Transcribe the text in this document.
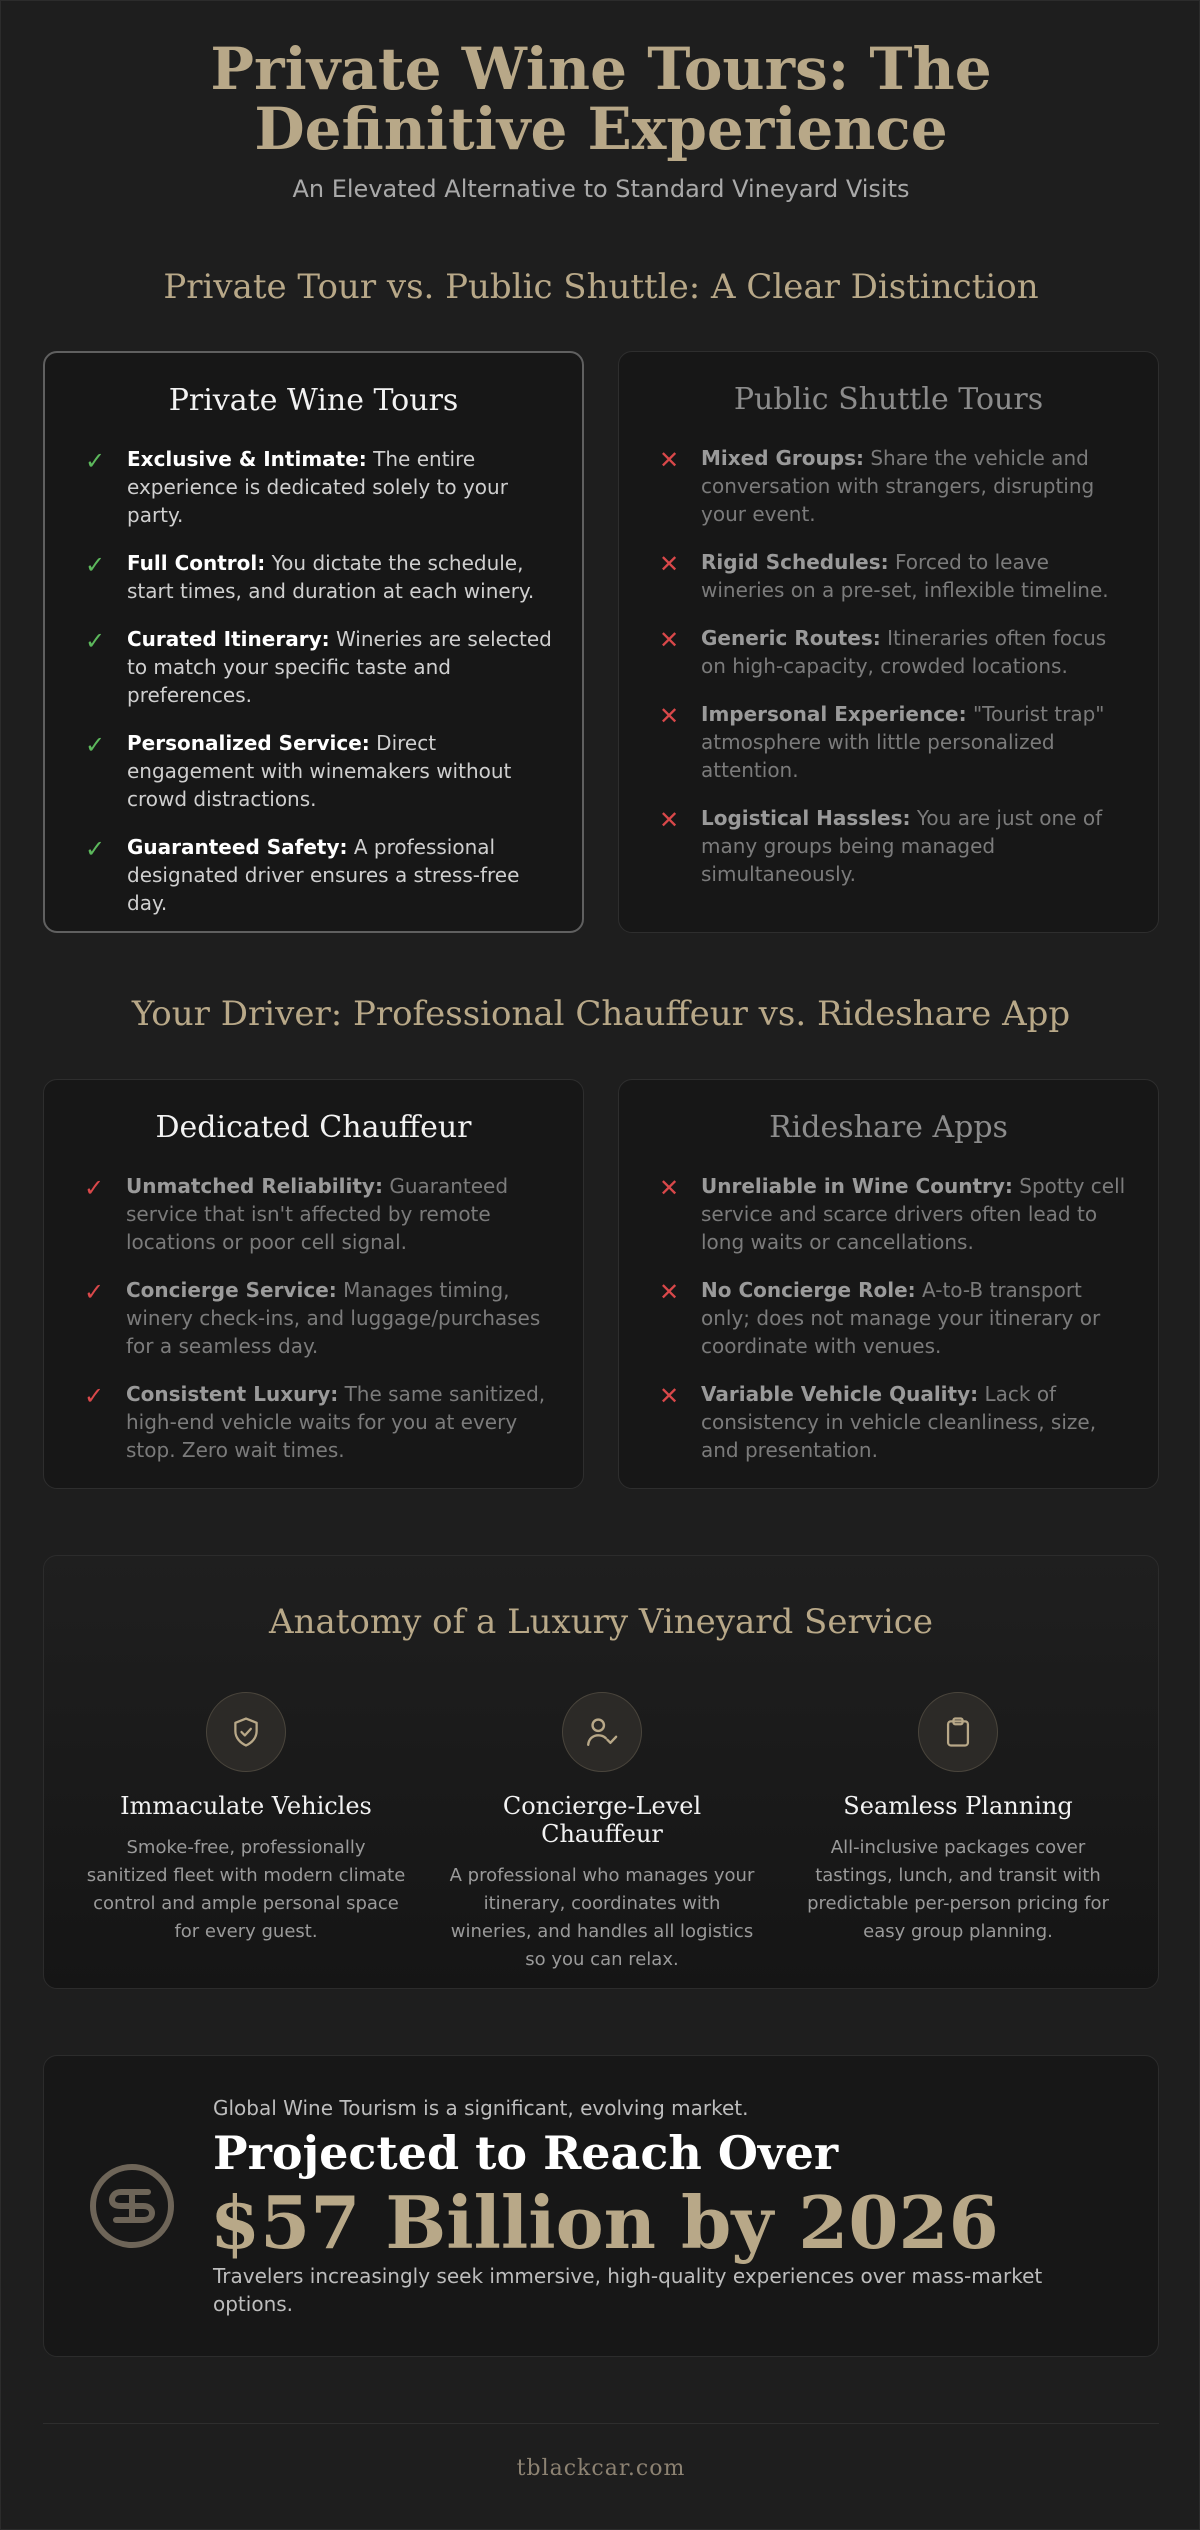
Private Wine Tours: The
Definitive Experience
An Elevated Alternative to Standard Vineyard Visits
Private Tour vs. Public Shuttle: A Clear Distinction
Private Wine Tours
✓ Exclusive & Intimate: The entire experience is dedicated solely to your party.
✓ Full Control: You dictate the schedule, start times, and duration at each winery.
✓ Curated Itinerary: Wineries are selected to match your specific taste and preferences.
✓ Personalized Service: Direct engagement with winemakers without crowd distractions.
✓ Guaranteed Safety: A professional designated driver ensures a stress-free day.
Public Shuttle Tours
✕ Mixed Groups: Share the vehicle and conversation with strangers, disrupting your event.
✕ Rigid Schedules: Forced to leave wineries on a pre-set, inflexible timeline.
✕ Generic Routes: Itineraries often focus on high-capacity, crowded locations.
✕ Impersonal Experience: "Tourist trap" atmosphere with little personalized attention.
✕ Logistical Hassles: You are just one of many groups being managed simultaneously.
Your Driver: Professional Chauffeur vs. Rideshare App
Dedicated Chauffeur
✓ Unmatched Reliability: Guaranteed service that isn't affected by remote locations or poor cell signal.
✓ Concierge Service: Manages timing, winery check-ins, and luggage/purchases for a seamless day.
✓ Consistent Luxury: The same sanitized, high-end vehicle waits for you at every stop. Zero wait times.
Rideshare Apps
✕ Unreliable in Wine Country: Spotty cell service and scarce drivers often lead to long waits or cancellations.
✕ No Concierge Role: A-to-B transport only; does not manage your itinerary or coordinate with venues.
✕ Variable Vehicle Quality: Lack of consistency in vehicle cleanliness, size, and presentation.
Anatomy of a Luxury Vineyard Service
Immaculate Vehicles
Smoke-free, professionally sanitized fleet with modern climate control and ample personal space for every guest.
Concierge-Level Chauffeur
A professional who manages your itinerary, coordinates with wineries, and handles all logistics so you can relax.
Seamless Planning
All-inclusive packages cover tastings, lunch, and transit with predictable per-person pricing for easy group planning.
Global Wine Tourism is a significant, evolving market.
Projected to Reach Over
$57 Billion by 2026
Travelers increasingly seek immersive, high-quality experiences over mass-market options.
tblackcar.com
